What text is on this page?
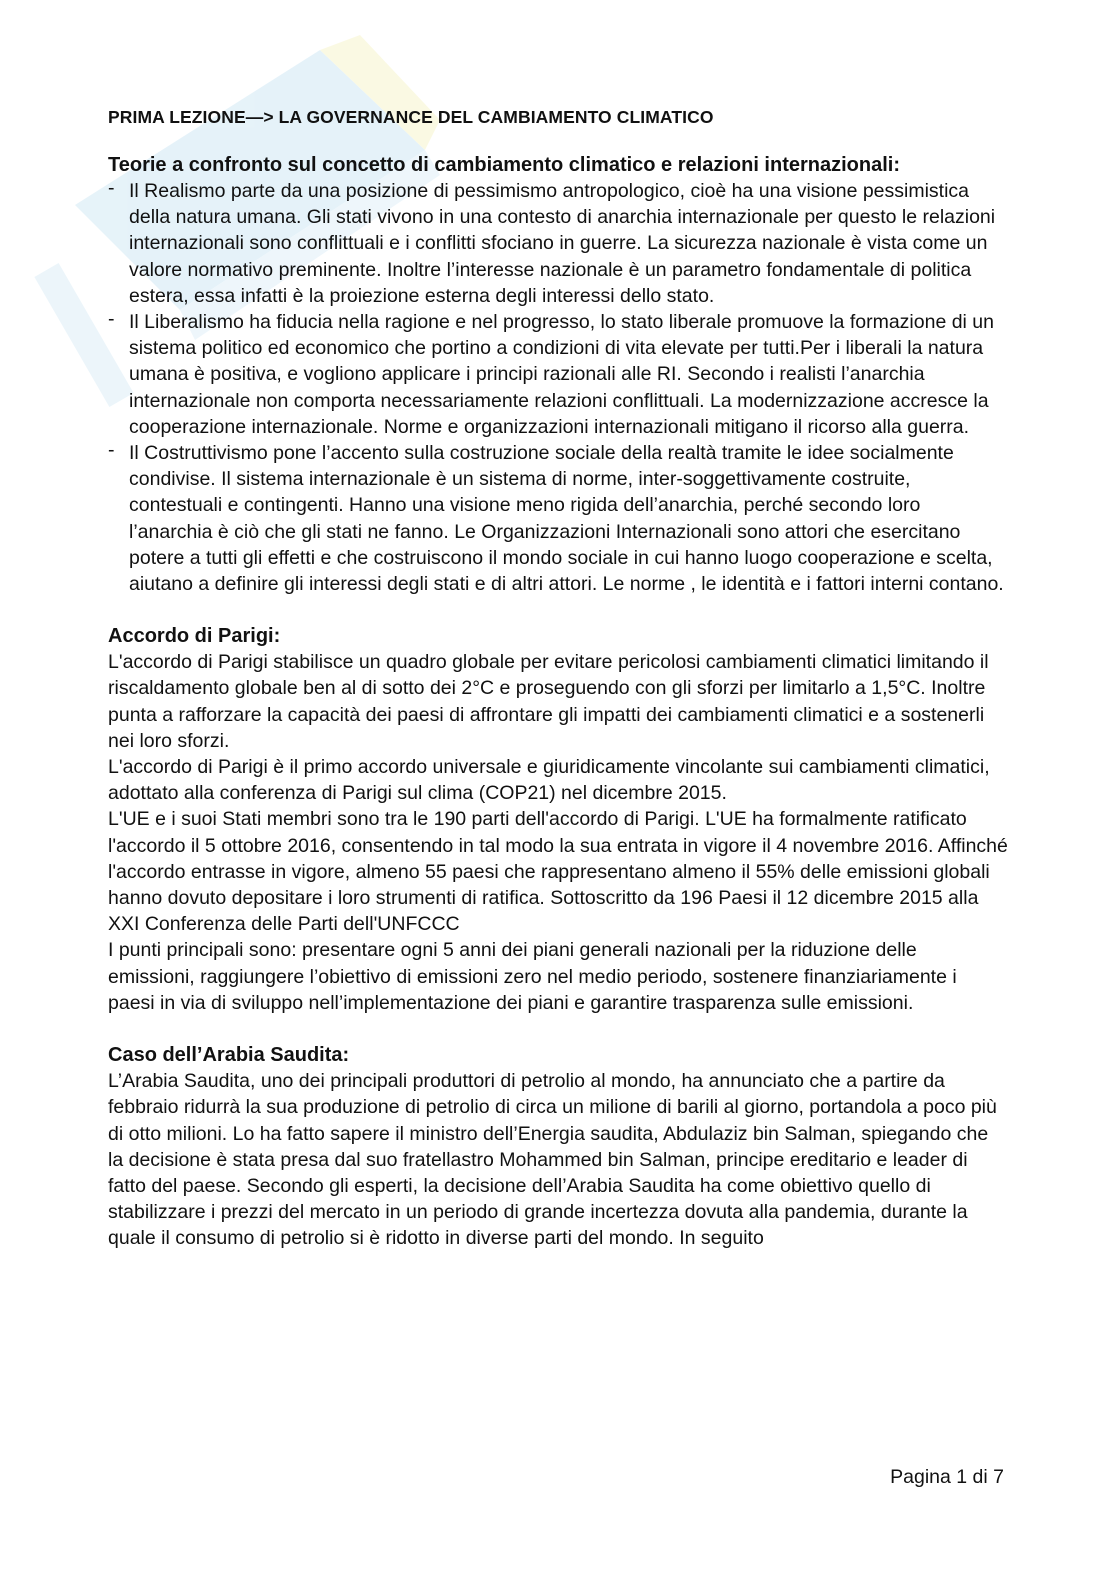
PRIMA LEZIONE—> LA GOVERNANCE DEL CAMBIAMENTO CLIMATICO
Teorie a confronto sul concetto di cambiamento climatico e relazioni internazionali:
- Il Realismo parte da una posizione di pessimismo antropologico, cioè ha una visione pessimistica della natura umana. Gli stati vivono in una contesto di anarchia internazionale per questo le relazioni internazionali sono conflittuali e i conflitti sfociano in guerre. La sicurezza nazionale è vista come un valore normativo preminente. Inoltre l’interesse nazionale è un parametro fondamentale di politica estera, essa infatti è la proiezione esterna degli interessi dello stato.
- Il Liberalismo ha fiducia nella ragione e nel progresso, lo stato liberale promuove la formazione di un sistema politico ed economico che portino a condizioni di vita elevate per tutti.Per i liberali la natura umana è positiva, e vogliono applicare i principi razionali alle RI. Secondo i realisti l’anarchia internazionale non comporta necessariamente relazioni conflittuali. La modernizzazione accresce la cooperazione internazionale. Norme e organizzazioni internazionali mitigano il ricorso alla guerra.
- Il Costruttivismo pone l’accento sulla costruzione sociale della realtà tramite le idee socialmente condivise. Il sistema internazionale è un sistema di norme, inter-soggettivamente costruite, contestuali e contingenti. Hanno una visione meno rigida dell’anarchia, perché secondo loro l’anarchia è ciò che gli stati ne fanno. Le Organizzazioni Internazionali sono attori che esercitano potere a tutti gli effetti e che costruiscono il mondo sociale in cui hanno luogo cooperazione e scelta, aiutano a definire gli interessi degli stati e di altri attori. Le norme , le identità e i fattori interni contano.
Accordo di Parigi:

L'accordo di Parigi stabilisce un quadro globale per evitare pericolosi cambiamenti climatici limitando il riscaldamento globale ben al di sotto dei 2°C e proseguendo con gli sforzi per limitarlo a 1,5°C. Inoltre punta a rafforzare la capacità dei paesi di affrontare gli impatti dei cambiamenti climatici e a sostenerli nei loro sforzi.

L'accordo di Parigi è il primo accordo universale e giuridicamente vincolante sui cambiamenti climatici, adottato alla conferenza di Parigi sul clima (COP21) nel dicembre 2015.

L'UE e i suoi Stati membri sono tra le 190 parti dell'accordo di Parigi. L'UE ha formalmente ratificato l'accordo il 5 ottobre 2016, consentendo in tal modo la sua entrata in vigore il 4 novembre 2016. Affinché l'accordo entrasse in vigore, almeno 55 paesi che rappresentano almeno il 55% delle emissioni globali hanno dovuto depositare i loro strumenti di ratifica. Sottoscritto da 196 Paesi il 12 dicembre 2015 alla XXI Conferenza delle Parti dell'UNFCCC

I punti principali sono: presentare ogni 5 anni dei piani generali nazionali per la riduzione delle emissioni, raggiungere l’obiettivo di emissioni zero nel medio periodo, sostenere finanziariamente i paesi in via di sviluppo nell’implementazione dei piani e garantire trasparenza sulle emissioni.

Caso dell’Arabia Saudita:

L’Arabia Saudita, uno dei principali produttori di petrolio al mondo, ha annunciato che a partire da febbraio ridurrà la sua produzione di petrolio di circa un milione di barili al giorno, portandola a poco più di otto milioni. Lo ha fatto sapere il ministro dell’Energia saudita, Abdulaziz bin Salman, spiegando che la decisione è stata presa dal suo fratellastro Mohammed bin Salman, principe ereditario e leader di fatto del paese. Secondo gli esperti, la decisione dell’Arabia Saudita ha come obiettivo quello di stabilizzare i prezzi del mercato in un periodo di grande incertezza dovuta alla pandemia, durante la quale il consumo di petrolio si è ridotto in diverse parti del mondo. In seguito

Pagina 1 di 7
